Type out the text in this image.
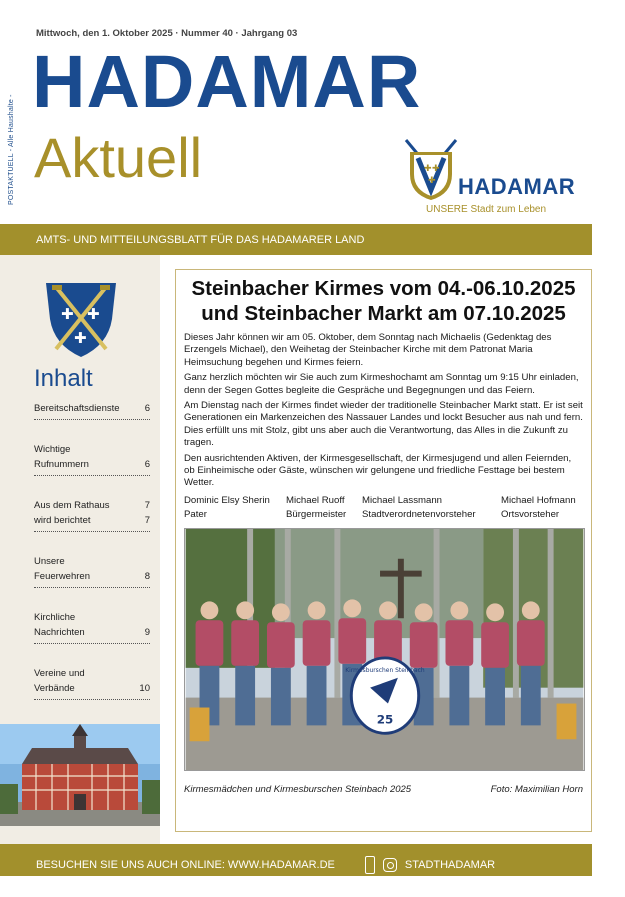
Mittwoch, den 1. Oktober 2025 · Nummer 40 · Jahrgang 03
POSTAKTUELL - Alle Haushalte -
HADAMAR
Aktuell	✚ ✚
✚ HADAMAR
UNSERE Stadt zum Leben
AMTS- UND MITTEILUNGSBLATT FÜR DAS HADAMARER LAND
✚ ✚
✚
Inhalt
Bereitschaftsdienste	6
Wichtige
Rufnummern	6
Aus dem Rathaus	7
wird berichtet	7
Unsere
Feuerwehren	8
Kirchliche
Nachrichten	9
Vereine und
Verbände	10
Steinbacher Kirmes vom 04.-06.10.2025
und Steinbacher Markt am 07.10.2025

Dieses Jahr können wir am 05. Oktober, dem Sonntag nach Michaelis (Gedenktag des Erzengels Michael), den Weihetag der Steinbacher Kirche mit dem Patronat Maria Heimsuchung begehen und Kirmes feiern.

Ganz herzlich möchten wir Sie auch zum Kirmeshochamt am Sonntag um 9:15 Uhr einladen, denn der Segen Gottes begleite die Gespräche und Begegnungen und das Feiern.

Am Dienstag nach der Kirmes findet wieder der traditionelle Steinbacher Markt statt. Er ist seit Generationen ein Markenzeichen des Nassauer Landes und lockt Besucher aus nah und fern. Dies erfüllt uns mit Stolz, gibt uns aber auch die Verantwortung, das Alles in die Zukunft zu tragen.

Den ausrichtenden Aktiven, der Kirmesgesellschaft, der Kirmesjugend und allen Feiernden, ob Einheimische oder Gäste, wünschen wir gelungene und friedliche Festtage bei bestem Wetter.

Dominic Elsy Sherin	Michael Ruoff	Michael Lassmann	Michael Hofmann
Pater	Bürgermeister	Stadtverordnetenvorsteher	Ortsvorsteher
Kirmesburschen Steinbach
25
Kirmesmädchen und Kirmesburschen Steinbach 2025	Foto: Maximilian Horn
BESUCHEN SIE UNS AUCH ONLINE: WWW.HADAMAR.DE	STADTHADAMAR
